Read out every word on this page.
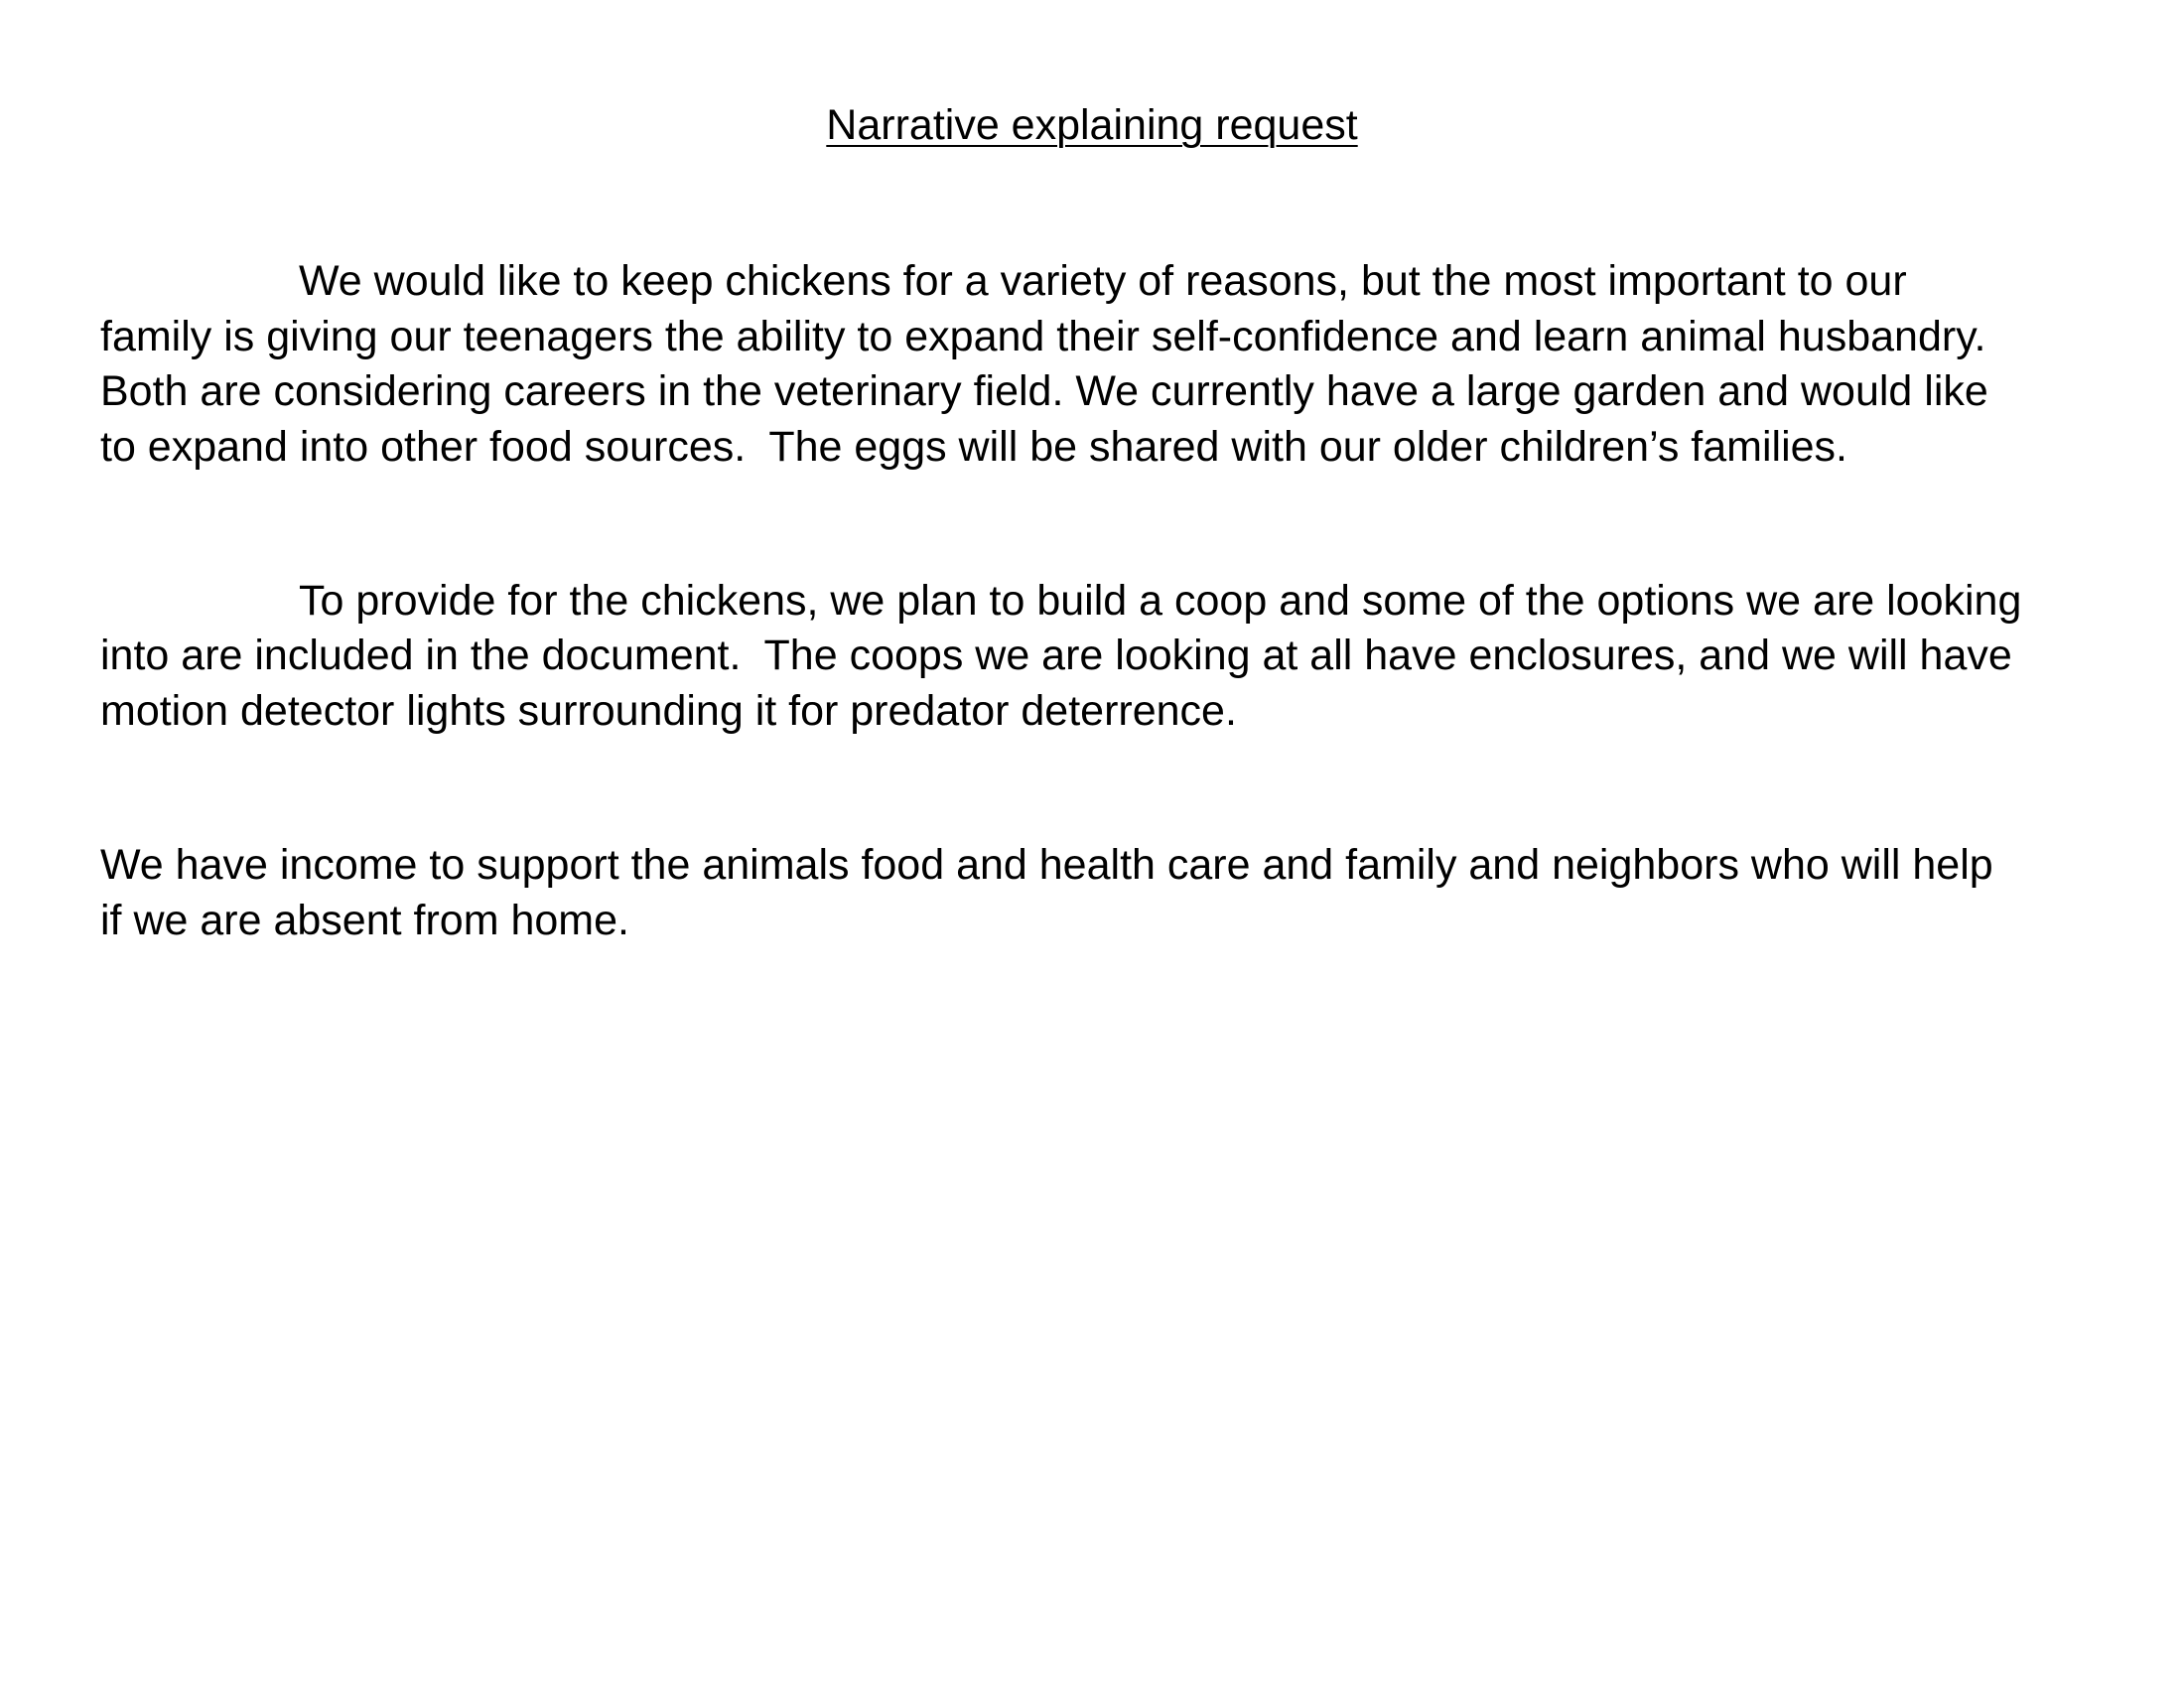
Narrative explaining request

We would like to keep chickens for a variety of reasons, but the most important to our

family is giving our teenagers the ability to expand their self-confidence and learn animal husbandry.

Both are considering careers in the veterinary field. We currently have a large garden and would like

to expand into other food sources.  The eggs will be shared with our older children’s families.

To provide for the chickens, we plan to build a coop and some of the options we are looking

into are included in the document.  The coops we are looking at all have enclosures, and we will have

motion detector lights surrounding it for predator deterrence.

We have income to support the animals food and health care and family and neighbors who will help

if we are absent from home.
